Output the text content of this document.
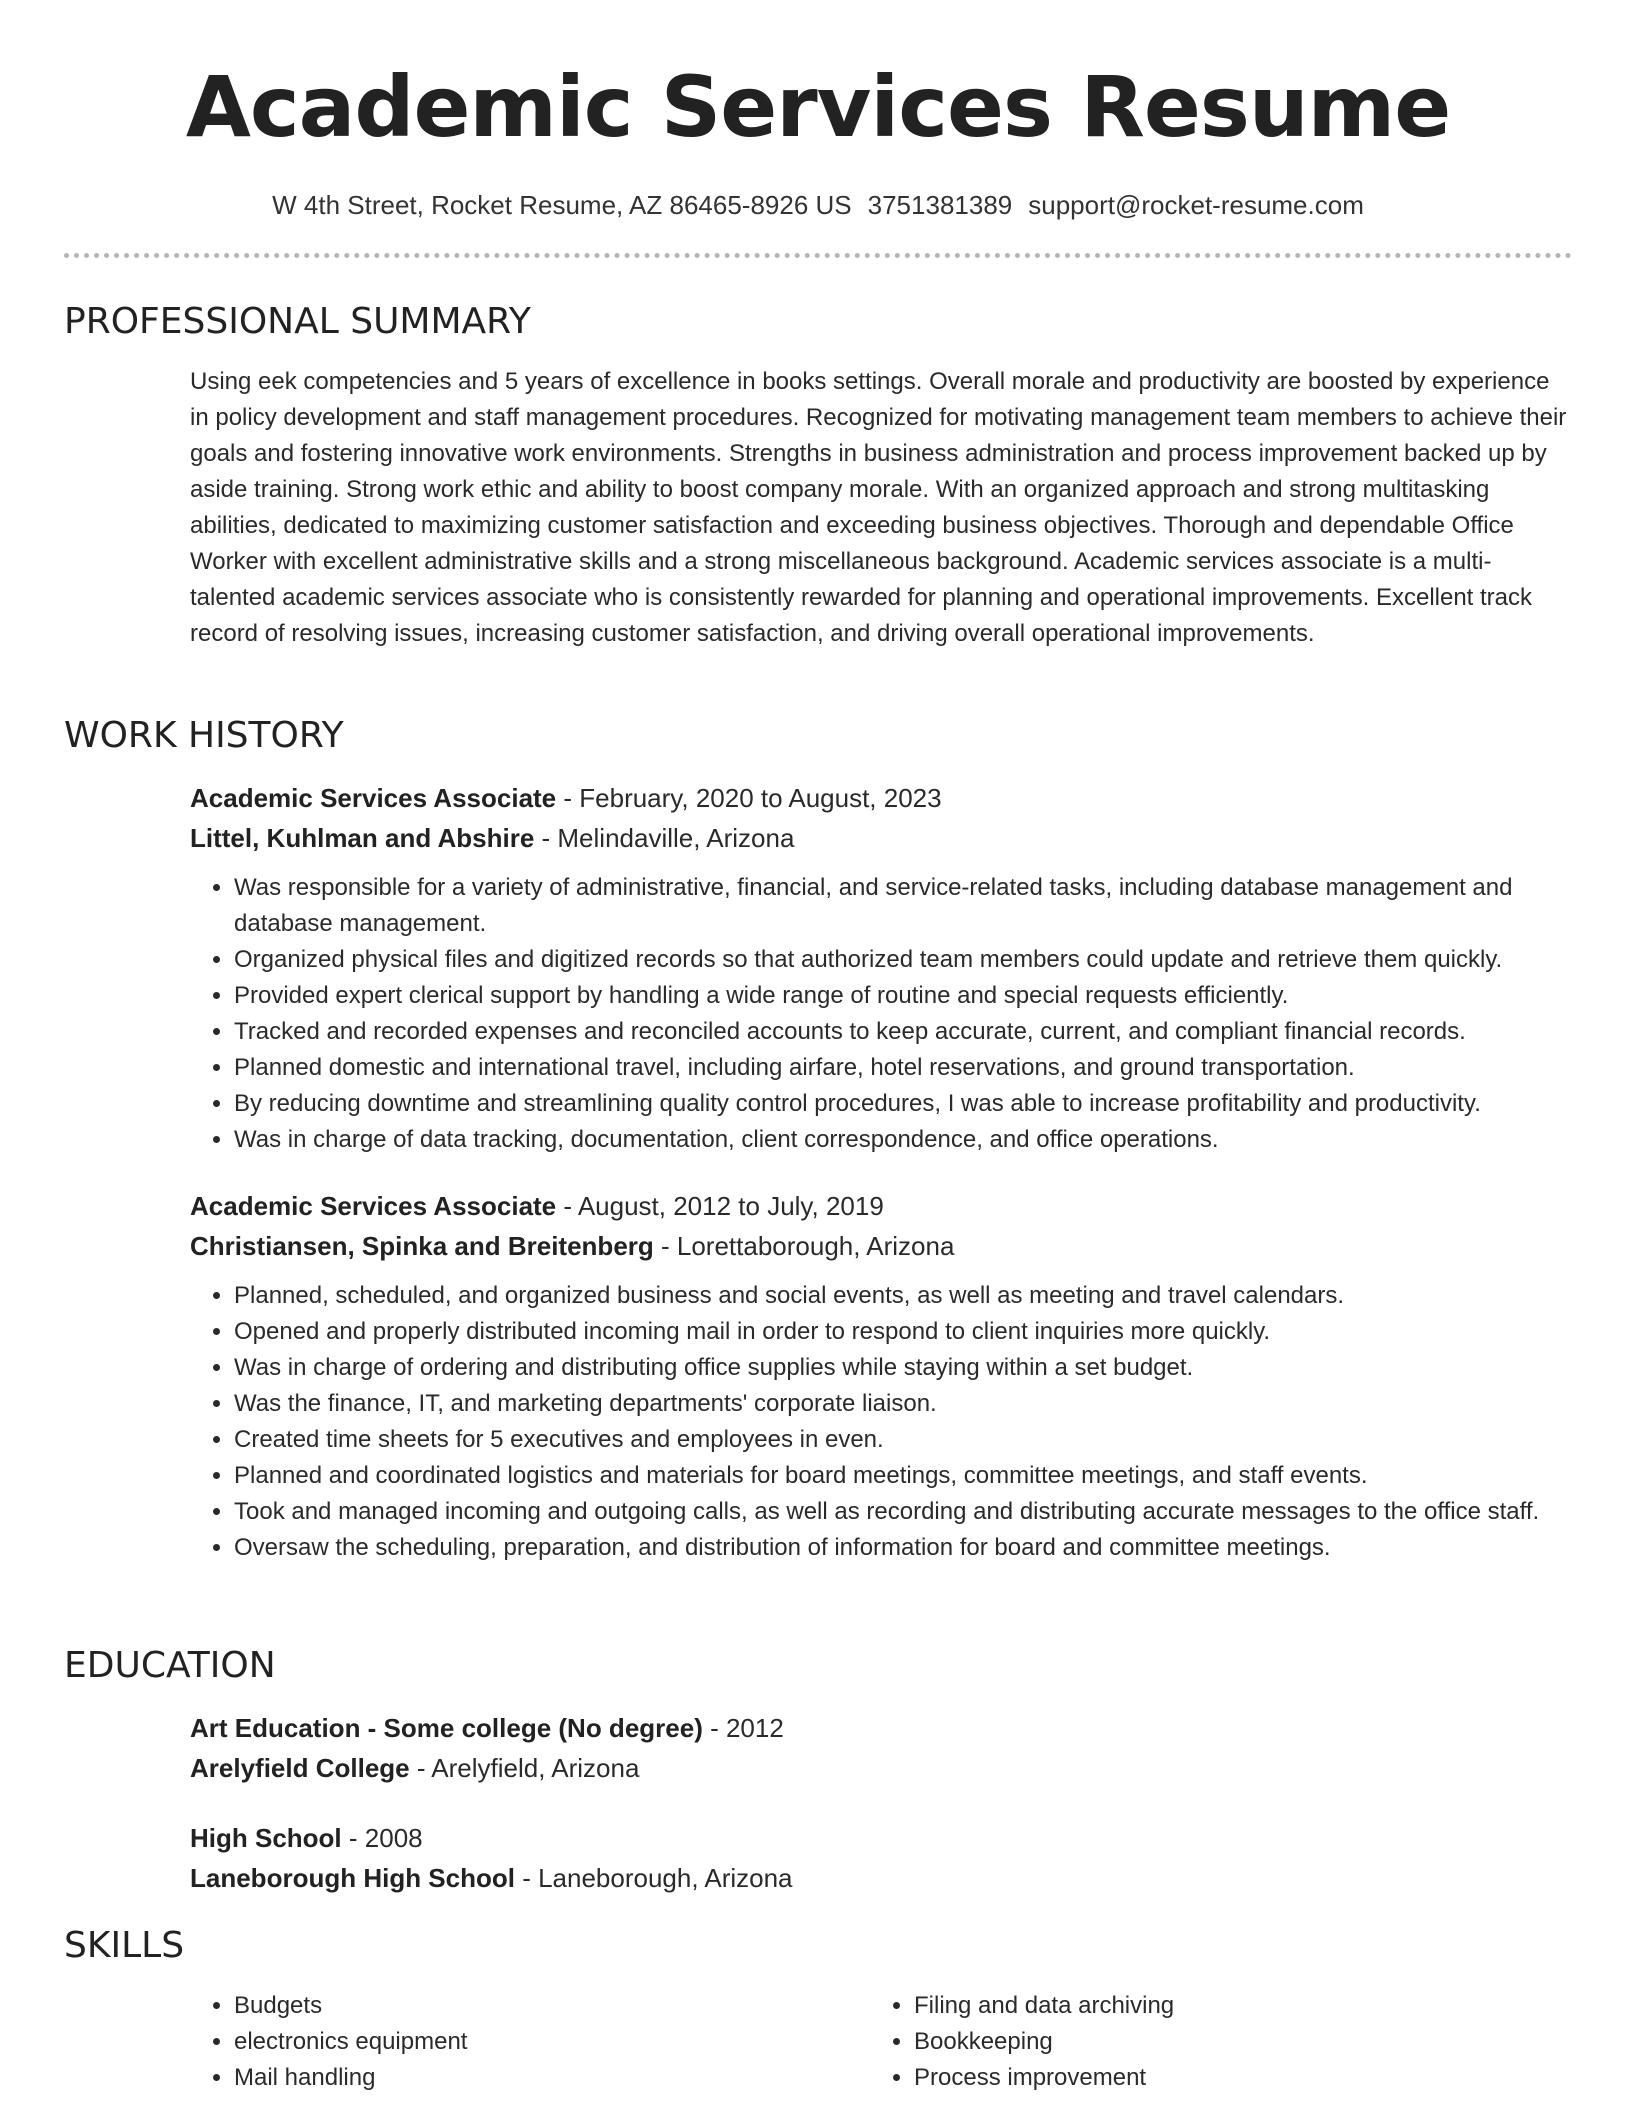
Academic Services Resume
W 4th Street, Rocket Resume, AZ 86465-8926 US 3751381389 support@rocket-resume.com
PROFESSIONAL SUMMARY

Using eek competencies and 5 years of excellence in books settings. Overall morale and productivity are boosted by experience in policy development and staff management procedures. Recognized for motivating management team members to achieve their goals and fostering innovative work environments. Strengths in business administration and process improvement backed up by aside training. Strong work ethic and ability to boost company morale. With an organized approach and strong multitasking abilities, dedicated to maximizing customer satisfaction and exceeding business objectives. Thorough and dependable Office Worker with excellent administrative skills and a strong miscellaneous background. Academic services associate is a multi-talented academic services associate who is consistently rewarded for planning and operational improvements. Excellent track record of resolving issues, increasing customer satisfaction, and driving overall operational improvements.

WORK HISTORY
Academic Services Associate - February, 2020 to August, 2023
Littel, Kuhlman and Abshire - Melindaville, Arizona
• Was responsible for a variety of administrative, financial, and service-related tasks, including database management and database management.
• Organized physical files and digitized records so that authorized team members could update and retrieve them quickly.
• Provided expert clerical support by handling a wide range of routine and special requests efficiently.
• Tracked and recorded expenses and reconciled accounts to keep accurate, current, and compliant financial records.
• Planned domestic and international travel, including airfare, hotel reservations, and ground transportation.
• By reducing downtime and streamlining quality control procedures, I was able to increase profitability and productivity.
• Was in charge of data tracking, documentation, client correspondence, and office operations.
Academic Services Associate - August, 2012 to July, 2019
Christiansen, Spinka and Breitenberg - Lorettaborough, Arizona
• Planned, scheduled, and organized business and social events, as well as meeting and travel calendars.
• Opened and properly distributed incoming mail in order to respond to client inquiries more quickly.
• Was in charge of ordering and distributing office supplies while staying within a set budget.
• Was the finance, IT, and marketing departments' corporate liaison.
• Created time sheets for 5 executives and employees in even.
• Planned and coordinated logistics and materials for board meetings, committee meetings, and staff events.
• Took and managed incoming and outgoing calls, as well as recording and distributing accurate messages to the office staff.
• Oversaw the scheduling, preparation, and distribution of information for board and committee meetings.
EDUCATION
Art Education - Some college (No degree) - 2012
Arelyfield College - Arelyfield, Arizona
High School - 2008
Laneborough High School - Laneborough, Arizona
SKILLS
• Budgets
• electronics equipment
• Mail handling
• Filing and data archiving
• Bookkeeping
• Process improvement
